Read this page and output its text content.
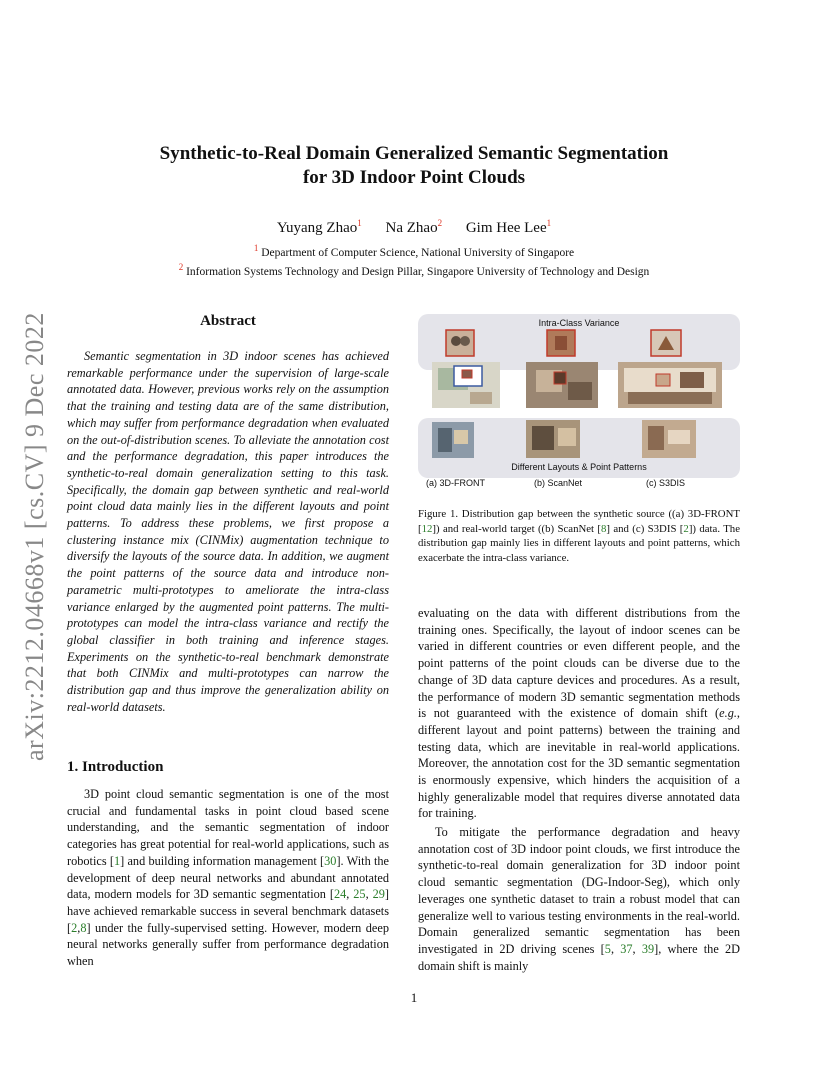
Synthetic-to-Real Domain Generalized Semantic Segmentation
for 3D Indoor Point Clouds
Yuyang Zhao$^1$ Na Zhao$^2$ Gim Hee Lee$^1$
$^1$ Department of Computer Science, National University of Singapore
$^2$ Information Systems Technology and Design Pillar, Singapore University of Technology and Design
arXiv:2212.04668v1 [cs.CV] 9 Dec 2022	Abstract
Semantic segmentation in 3D indoor scenes has achieved remarkable performance under the supervision of large-scale annotated data. However, previous works rely on the assumption that the training and testing data are of the same distribution, which may suffer from performance degradation when evaluated on the out-of-distribution scenes. To alleviate the annotation cost and the performance degradation, this paper introduces the synthetic-to-real domain generalization setting to this task. Specifically, the domain gap between synthetic and real-world point cloud data mainly lies in the different layouts and point patterns. To address these problems, we first propose a clustering instance mix (CINMix) augmentation technique to diversify the layouts of the source data. In addition, we augment the point patterns of the source data and introduce non-parametric multi-prototypes to ameliorate the intra-class variance enlarged by the augmented point patterns. The multi-prototypes can model the intra-class variance and rectify the global classifier in both training and inference stages. Experiments on the synthetic-to-real benchmark demonstrate that both CINMix and multi-prototypes can narrow the distribution gap and thus improve the generalization ability on real-world datasets.
1. Introduction
3D point cloud semantic segmentation is one of the most crucial and fundamental tasks in point cloud based scene understanding, and the semantic segmentation of indoor categories has great potential for real-world applications, such as robotics [1] and building information management [30]. With the development of deep neural networks and abundant annotated data, modern models for 3D semantic segmentation [24, 25, 29] have achieved remarkable success in several benchmark datasets [2,8] under the fully-supervised setting. However, modern deep neural networks generally suffer from performance degradation when
Intra-Class Variance
Different Layouts & Point Patterns
(a) 3D-FRONT	(b) ScanNet	(c) S3DIS
Figure 1. Distribution gap between the synthetic source ((a) 3D-FRONT [12]) and real-world target ((b) ScanNet [8] and (c) S3DIS [2]) data. The distribution gap mainly lies in different layouts and point patterns, which exacerbate the intra-class variance.
evaluating on the data with different distributions from the training ones. Specifically, the layout of indoor scenes can be varied in different countries or even different people, and the point patterns of the point clouds can be diverse due to the change of 3D data capture devices and procedures. As a result, the performance of modern 3D semantic segmentation methods is not guaranteed with the existence of domain shift (e.g., different layout and point patterns) between the training and testing data, which are inevitable in real-world applications. Moreover, the annotation cost for the 3D semantic segmentation is enormously expensive, which hinders the acquisition of a highly generalizable model that requires diverse annotated data for training.
To mitigate the performance degradation and heavy annotation cost of 3D indoor point clouds, we first introduce the synthetic-to-real domain generalization for 3D indoor point cloud semantic segmentation (DG-Indoor-Seg), which only leverages one synthetic dataset to train a robust model that can generalize well to various testing environments in the real-world. Domain generalized semantic segmentation has been investigated in 2D driving scenes [5, 37, 39], where the 2D domain shift is mainly
1
